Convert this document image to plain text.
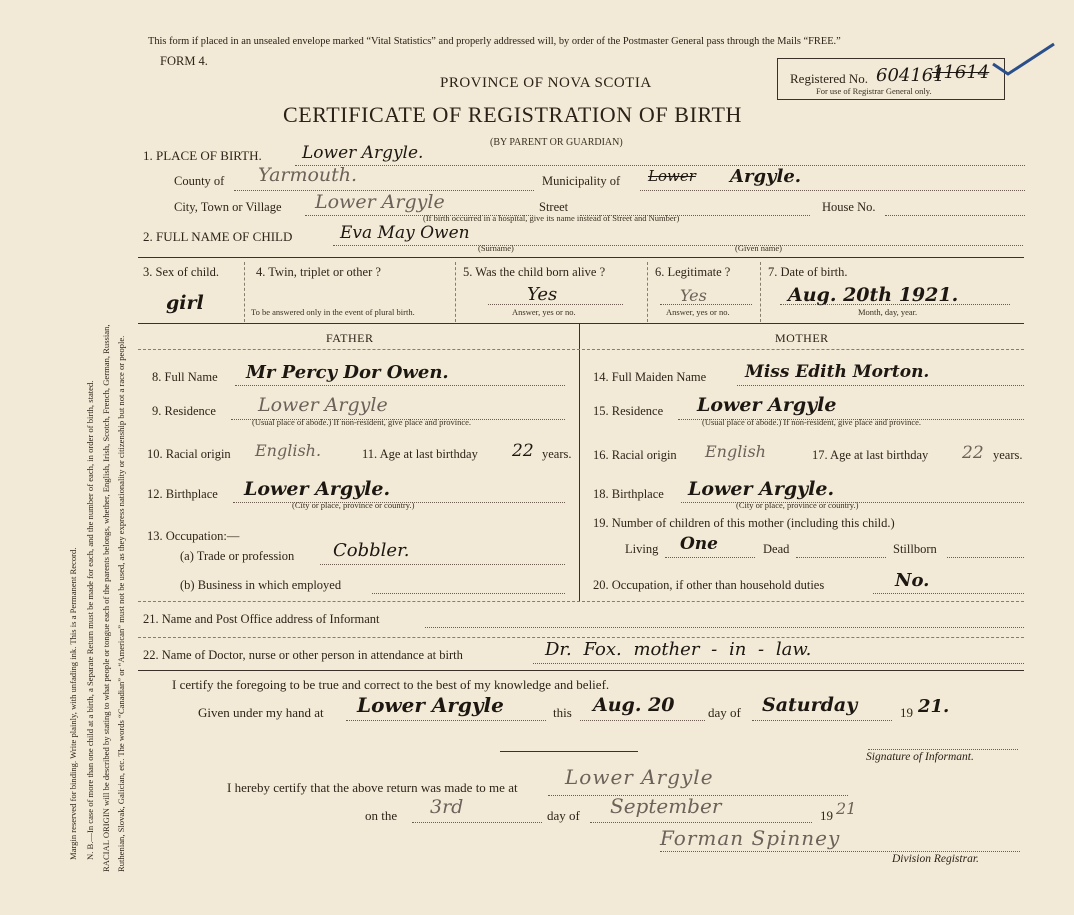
Margin reserved for binding. Write plainly, with unfading ink. This is a Permanent Record. N. B.—In case of more than one child at a birth, a Separate Return must be made for each, and the number of each, in order of birth, stated. RACIAL ORIGIN will be described by stating to what people or tongue each of the parents belongs, whether, English, Irish, Scotch, French, German, Russian, Ruthenian, Slovak, Galician, etc. The words “Canadian” or “American” must not be used, as they express nationality or citizenship but not a race or people.
This form if placed in an unsealed envelope marked “Vital Statistics” and properly addressed will, by order of the Postmaster General pass through the Mails “FREE.”
FORM 4.
PROVINCE OF NOVA SCOTIA
CERTIFICATE OF REGISTRATION OF BIRTH
(BY PARENT OR GUARDIAN)
Registered No. 604161
11614
For use of Registrar General only.
1. PLACE OF BIRTH. Lower Argyle.
County of Yarmouth.	Municipality of Lower Argyle.
City, Town or Village Lower Argyle	Street	House No.
(If birth occurred in a hospital, give its name instead of Street and Number)
2. FULL NAME OF CHILD	Eva May Owen
(Surname)	(Given name)
3. Sex of child.
girl
4. Twin, triplet or other ?
To be answered only in the event of plural birth.
5. Was the child born alive ?
Yes
Answer, yes or no.
6. Legitimate ?
Yes
Answer, yes or no.
7. Date of birth.
Aug. 20th 1921.
Month, day, year.
FATHER	MOTHER
8. Full Name Mr Percy Dor Owen.
9. Residence Lower Argyle
(Usual place of abode.) If non-resident, give place and province.
10. Racial origin English.	11. Age at last birthday 22 years.
12. Birthplace Lower Argyle.
(City or place, province or country.)
13. Occupation:—
(a) Trade or profession Cobbler.
(b) Business in which employed
14. Full Maiden Name Miss Edith Morton.
15. Residence Lower Argyle
(Usual place of abode.) If non-resident, give place and province.
16. Racial origin English	17. Age at last birthday 22 years.
18. Birthplace Lower Argyle.
(City or place, province or country.)
19. Number of children of this mother (including this child.)
Living One	Dead	Stillborn
20. Occupation, if other than household duties	No.
21. Name and Post Office address of Informant
22. Name of Doctor, nurse or other person in attendance at birth	Dr. Fox. mother - in - law.
I certify the foregoing to be true and correct to the best of my knowledge and belief.
Given under my hand at Lower Argyle	this Aug. 20	day of Saturday	19 21.
Signature of Informant.
I hereby certify that the above return was made to me at Lower Argyle
on the 3rd	day of September	19 21
Forman Spinney
Division Registrar.
